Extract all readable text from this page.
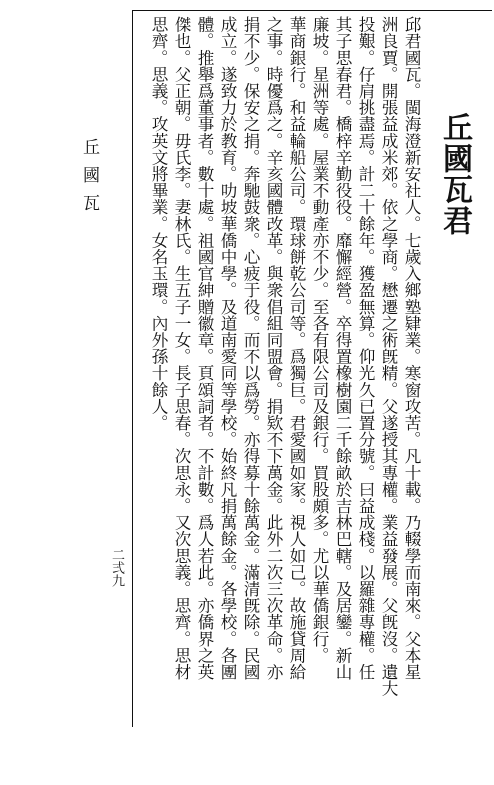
丘國瓦君
邱君國瓦。閩海澄新安社人。七歲入鄉塾肄業。寒窗攻苦。凡十載。乃輟學而南來。父本星
洲良賈。開張益成米郊。依之學商。懋遷之術旣精。父遂授其專權。業益發展。父旣沒。遺大
投艱。仔肩挑盡焉。計二十餘年。獲盈無算。仰光久已置分號。曰益成棧。以羅雜專權。任
其子思春君。橋梓辛勤役役。靡懈經營。卒得置橡樹園二千餘畝於吉林巴轄。及居鑾。新山
廉坡。星洲等處。屋業不動產亦不少。至各有限公司及銀行。買股頗多。尤以華僑銀行。
華商銀行。和益輪船公司。環球餅乾公司等。爲獨巨。君愛國如家。視人如己。故施貸周給
之事。時優爲之。辛亥國體改革。與衆倡組同盟會。捐欵不下萬金。此外二次三次革命。亦
捐不少。保安之捐。奔馳鼓衆。心疲于役。而不以爲勞。亦得募十餘萬金。滿清旣除。民國
成立。遂致力於教育。叻坡華僑中學。及道南愛同等學校。始終凡捐萬餘金。各學校。各團
體。推舉爲董事者。數十處。祖國官紳贈徽章。頁頌詞者。不計數。爲人若此。亦僑界之英
傑也。父正朝。毋氏李。妻林氏。生五子一女。長子思春。次思永。又次思義。思齊。思材
思齊。思義。攻英文將畢業。女名玉環。內外孫十餘人。
丘國瓦
二弍九
